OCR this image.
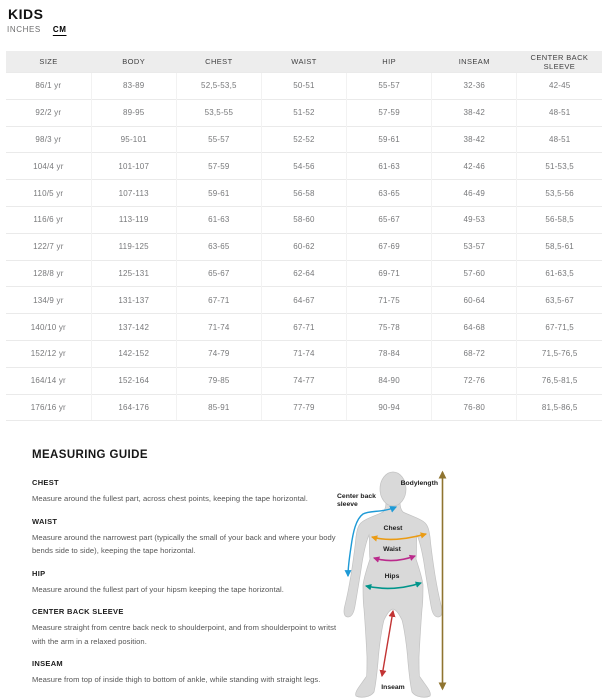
KIDS
INCHES CM
SIZE	BODY	CHEST	WAIST	HIP	INSEAM	CENTER BACK SLEEVE
86/1 yr	83-89	52,5-53,5	50-51	55-57	32-36	42-45
92/2 yr	89-95	53,5-55	51-52	57-59	38-42	48-51
98/3 yr	95-101	55-57	52-52	59-61	38-42	48-51
104/4 yr	101-107	57-59	54-56	61-63	42-46	51-53,5
110/5 yr	107-113	59-61	56-58	63-65	46-49	53,5-56
116/6 yr	113-119	61-63	58-60	65-67	49-53	56-58,5
122/7 yr	119-125	63-65	60-62	67-69	53-57	58,5-61
128/8 yr	125-131	65-67	62-64	69-71	57-60	61-63,5
134/9 yr	131-137	67-71	64-67	71-75	60-64	63,5-67
140/10 yr	137-142	71-74	67-71	75-78	64-68	67-71,5
152/12 yr	142-152	74-79	71-74	78-84	68-72	71,5-76,5
164/14 yr	152-164	79-85	74-77	84-90	72-76	76,5-81,5
176/16 yr	164-176	85-91	77-79	90-94	76-80	81,5-86,5
MEASURING GUIDE
CHEST

Measure around the fullest part, across chest points, keeping the tape horizontal.

WAIST

Measure around the narrowest part (typically the small of your back and where your body bends side to side), keeping the tape horizontal.

HIP

Measure around the fullest part of your hipsm keeping the tape horizontal.

CENTER BACK SLEEVE

Measure straight from centre back neck to shoulderpoint, and from shoulderpoint to writst with the arm in a relaxed position.

INSEAM

Measure from top of inside thigh to bottom of ankle, while standing with straight legs.

Bodylength
Center back
sleeve
Chest
Waist
Hips
Inseam
